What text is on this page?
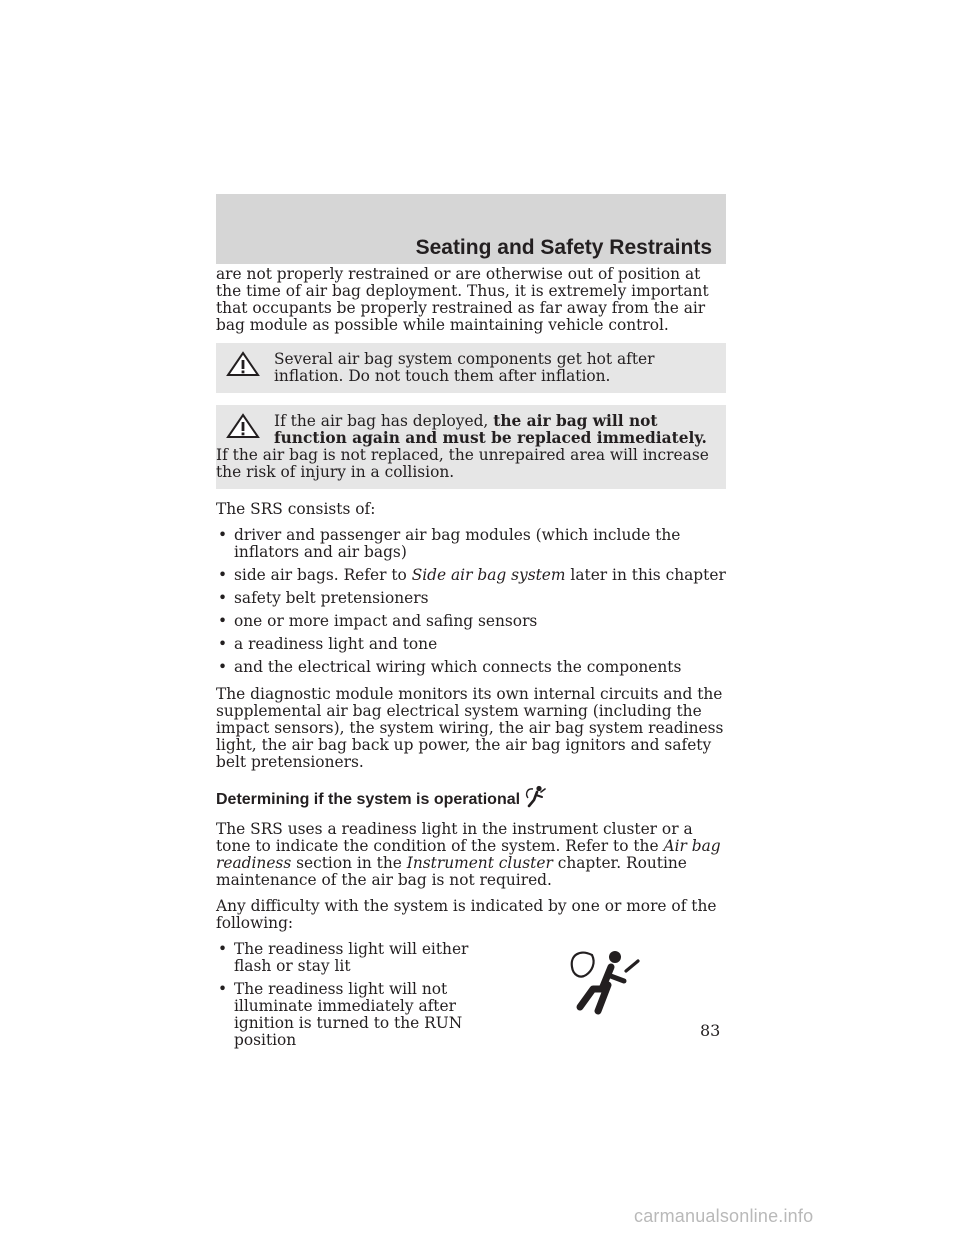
Seating and Safety Restraints

are not properly restrained or are otherwise out of position at the time of air bag deployment. Thus, it is extremely important that occupants be properly restrained as far away from the air bag module as possible while maintaining vehicle control.

Several air bag system components get hot after inflation. Do not touch them after inflation.

If the air bag has deployed, the air bag will not function again and must be replaced immediately. If the air bag is not replaced, the unrepaired area will increase the risk of injury in a collision.

The SRS consists of:

• driver and passenger air bag modules (which include the inflators and air bags)
• side air bags. Refer to Side air bag system later in this chapter
• safety belt pretensioners
• one or more impact and safing sensors
• a readiness light and tone
• and the electrical wiring which connects the components

The diagnostic module monitors its own internal circuits and the supplemental air bag electrical system warning (including the impact sensors), the system wiring, the air bag system readiness light, the air bag back up power, the air bag ignitors and safety belt pretensioners.

Determining if the system is operational

The SRS uses a readiness light in the instrument cluster or a tone to indicate the condition of the system. Refer to the Air bag readiness section in the Instrument cluster chapter. Routine maintenance of the air bag is not required.

Any difficulty with the system is indicated by one or more of the following:

• The readiness light will either flash or stay lit
• The readiness light will not illuminate immediately after ignition is turned to the RUN position	83
carmanualsonline.info
